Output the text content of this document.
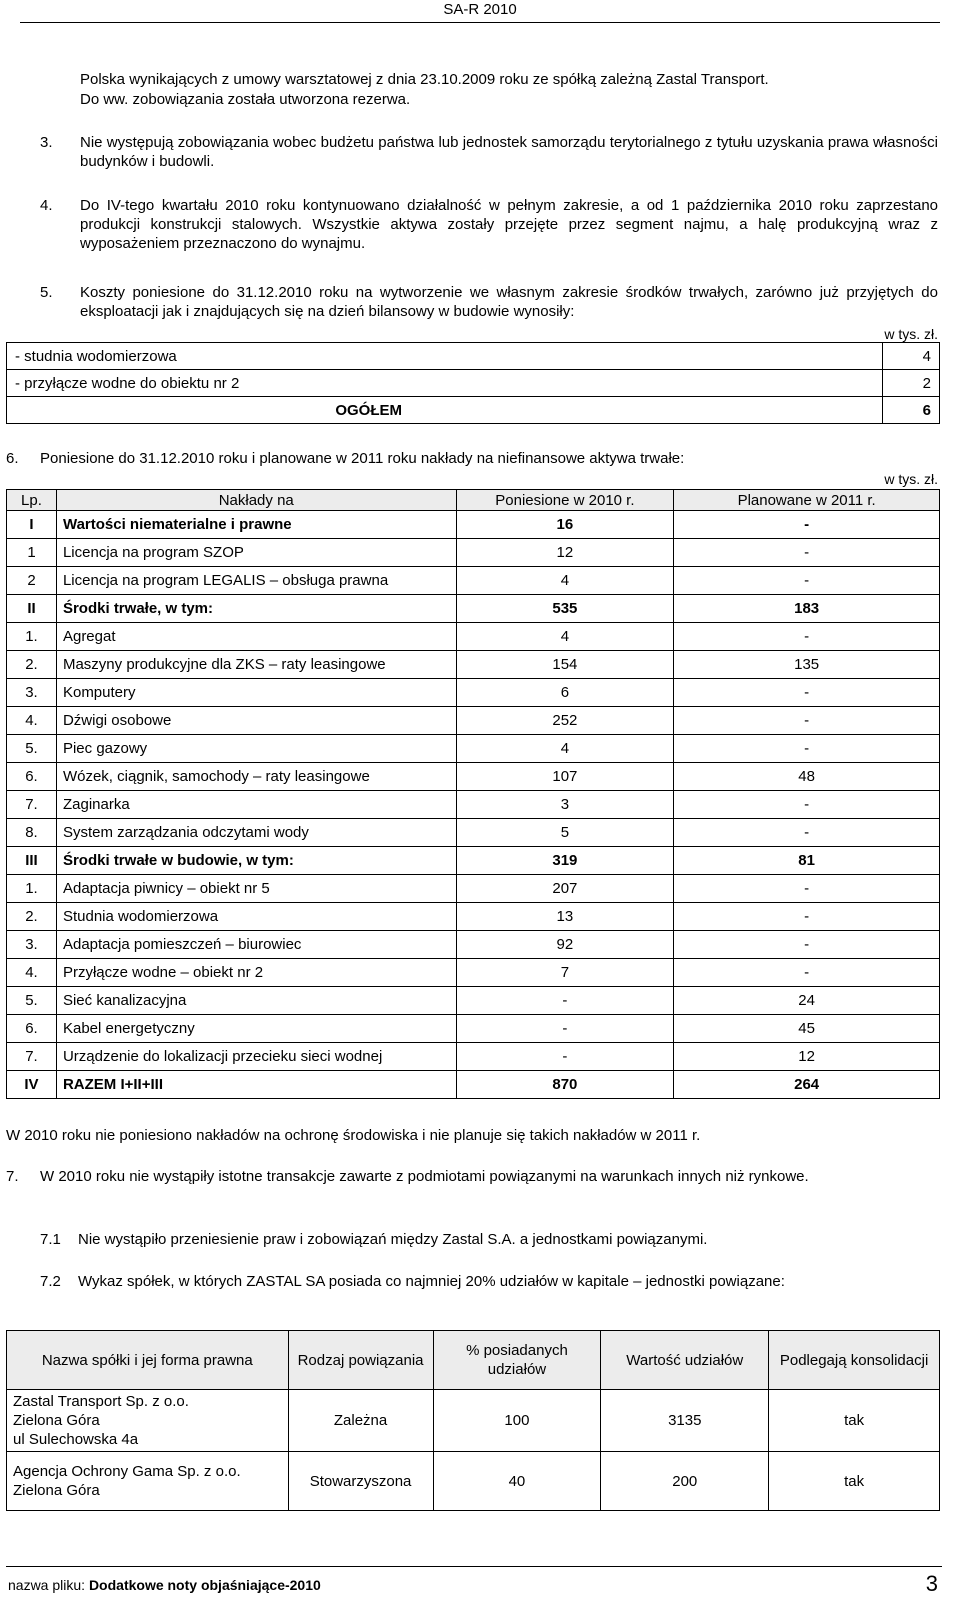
SA-R 2010
Polska wynikających z umowy warsztatowej z dnia 23.10.2009 roku ze spółką zależną Zastal Transport.
Do ww. zobowiązania została utworzona rezerwa.
3. Nie występują zobowiązania wobec budżetu państwa lub jednostek samorządu terytorialnego z tytułu uzyskania prawa własności budynków i budowli.
4. Do IV-tego kwartału 2010 roku kontynuowano działalność w pełnym zakresie, a od 1 października 2010 roku zaprzestano produkcji konstrukcji stalowych. Wszystkie aktywa zostały przejęte przez segment najmu, a halę produkcyjną wraz z wyposażeniem przeznaczono do wynajmu.
5. Koszty poniesione do 31.12.2010 roku na wytworzenie we własnym zakresie środków trwałych, zarówno już przyjętych do eksploatacji jak i znajdujących się na dzień bilansowy w budowie wynosiły:
w tys. zł.
- studnia wodomierzowa	4
- przyłącze wodne do obiektu nr 2	2
OGÓŁEM	6
6. Poniesione do 31.12.2010 roku i planowane w 2011 roku nakłady na niefinansowe aktywa trwałe:
w tys. zł.
Lp.	Nakłady na	Poniesione w 2010 r.	Planowane w 2011 r.
I	Wartości niematerialne i prawne	16	-
1	Licencja na program SZOP	12	-
2	Licencja na program LEGALIS – obsługa prawna	4	-
II	Środki trwałe, w tym:	535	183
1.	Agregat	4	-
2.	Maszyny produkcyjne dla ZKS – raty leasingowe	154	135
3.	Komputery	6	-
4.	Dźwigi osobowe	252	-
5.	Piec gazowy	4	-
6.	Wózek, ciągnik, samochody – raty leasingowe	107	48
7.	Zaginarka	3	-
8.	System zarządzania odczytami wody	5	-
III	Środki trwałe w budowie, w tym:	319	81
1.	Adaptacja piwnicy – obiekt nr 5	207	-
2.	Studnia wodomierzowa	13	-
3.	Adaptacja pomieszczeń – biurowiec	92	-
4.	Przyłącze wodne – obiekt nr 2	7	-
5.	Sieć kanalizacyjna	-	24
6.	Kabel energetyczny	-	45
7.	Urządzenie do lokalizacji przecieku sieci wodnej	-	12
IV	RAZEM I+II+III	870	264
W 2010 roku nie poniesiono nakładów na ochronę środowiska i nie planuje się takich nakładów w 2011 r.
7. W 2010 roku nie wystąpiły istotne transakcje zawarte z podmiotami powiązanymi na warunkach innych niż rynkowe.
7.1 Nie wystąpiło przeniesienie praw i zobowiązań między Zastal S.A. a jednostkami powiązanymi.
7.2 Wykaz spółek, w których ZASTAL SA posiada co najmniej 20% udziałów w kapitale – jednostki powiązane:
Nazwa spółki i jej forma prawna	Rodzaj powiązania	% posiadanych udziałów	Wartość udziałów	Podlegają konsolidacji

Zastal Transport Sp. z o.o.
Zielona Góra
ul Sulechowska 4a	Zależna	100	3135	tak

Agencja Ochrony Gama Sp. z o.o.
Zielona Góra	Stowarzyszona	40	200	tak
nazwa pliku: Dodatkowe noty objaśniające-2010	3
